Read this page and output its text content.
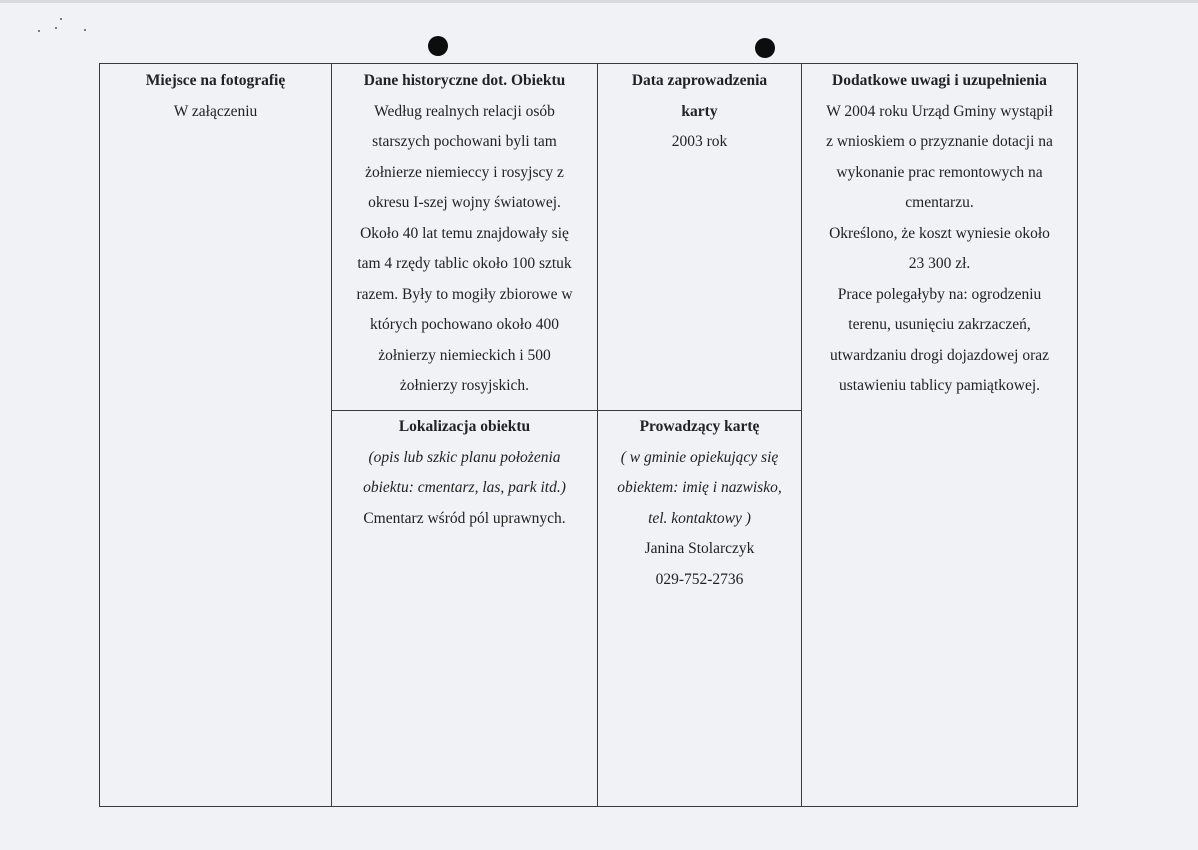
Miejsce na fotografię

W załączeniu

Dane historyczne dot. Obiektu

Według realnych relacji osób

starszych pochowani byli tam

żołnierze niemieccy i rosyjscy z

okresu I-szej wojny światowej.

Około 40 lat temu znajdowały się

tam 4 rzędy tablic około 100 sztuk

razem. Były to mogiły zbiorowe w

których pochowano około 400

żołnierzy niemieckich i 500

żołnierzy rosyjskich.

Lokalizacja obiektu

(opis lub szkic planu położenia

obiektu: cmentarz, las, park itd.)

Cmentarz wśród pól uprawnych.

Data zaprowadzenia

karty

2003 rok

Prowadzący kartę

( w gminie opiekujący się

obiektem: imię i nazwisko,

tel. kontaktowy )

Janina Stolarczyk

029-752-2736

Dodatkowe uwagi i uzupełnienia

W 2004 roku Urząd Gminy wystąpił

z wnioskiem o przyznanie dotacji na

wykonanie prac remontowych na

cmentarzu.

Określono, że koszt wyniesie około

23 300 zł.

Prace polegałyby na: ogrodzeniu

terenu, usunięciu zakrzaczeń,

utwardzaniu drogi dojazdowej oraz

ustawieniu tablicy pamiątkowej.
